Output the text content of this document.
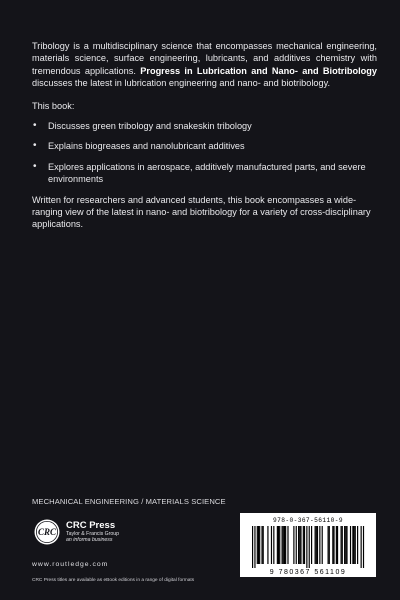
Tribology is a multidisciplinary science that encompasses mechanical engineering, materials science, surface engineering, lubricants, and additives chemistry with tremendous applications. Progress in Lubrication and Nano- and Biotribology discusses the latest in lubrication engineering and nano- and biotribology.

This book:

• Discusses green tribology and snakeskin tribology
• Explains biogreases and nanolubricant additives
• Explores applications in aerospace, additively manufactured parts, and severe environments

Written for researchers and advanced students, this book encompasses a wide-ranging view of the latest in nano- and biotribology for a variety of cross-disciplinary applications.

MECHANICAL ENGINEERING / MATERIALS SCIENCE
CRC
CRC Press
Taylor & Francis Group
an informa business
www.routledge.com
CRC Press titles are available as eBook editions in a range of digital formats
978-0-367-56110-9
9 780367 561109
